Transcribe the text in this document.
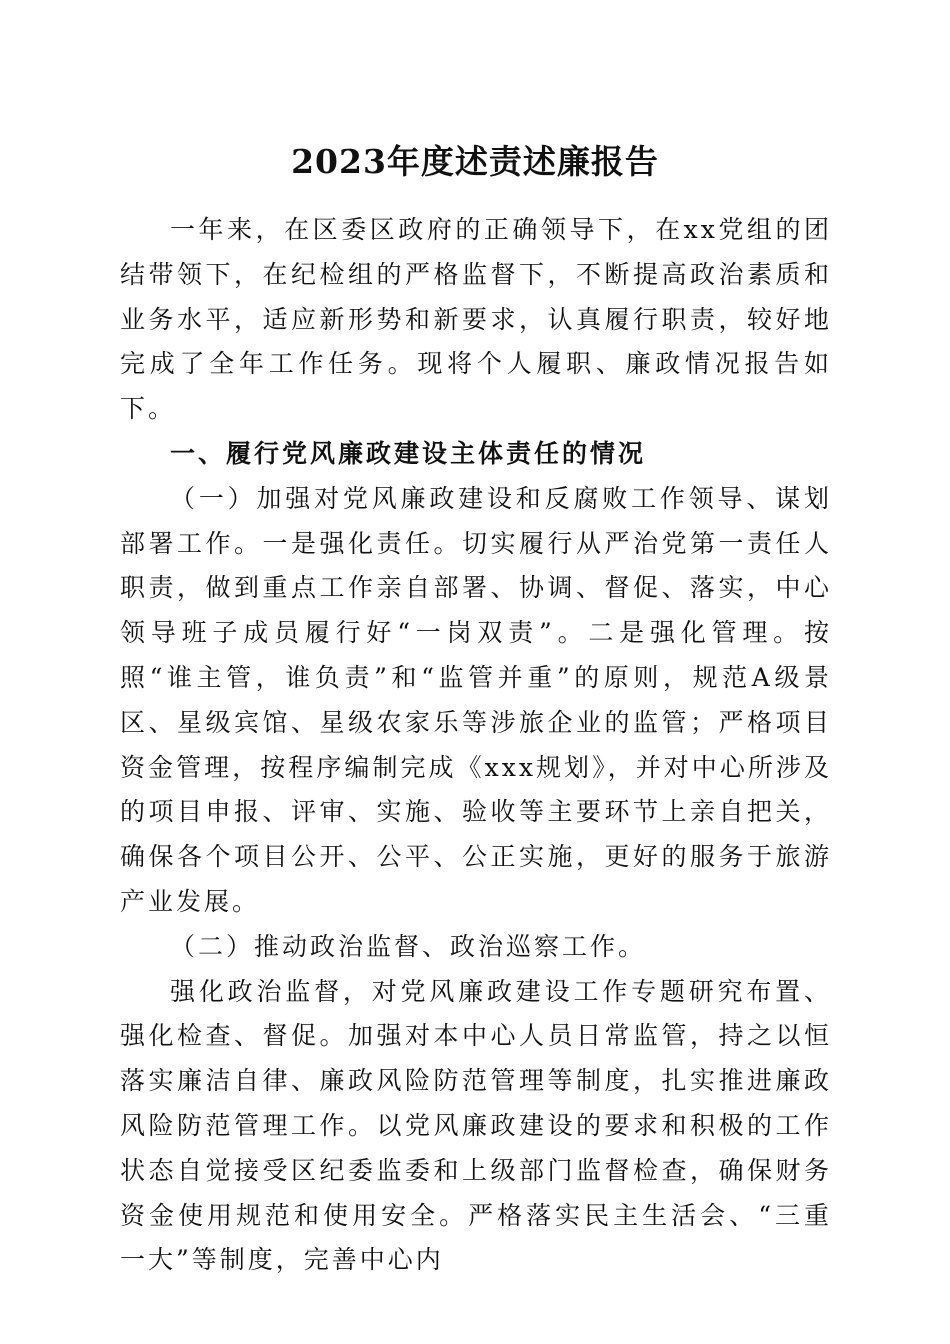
2023年度述责述廉报告

一年来，在区委区政府的正确领导下，在xx党组的团结带领下，在纪检组的严格监督下，不断提高政治素质和业务水平，适应新形势和新要求，认真履行职责，较好地完成了全年工作任务。现将个人履职、廉政情况报告如下。

一、履行党风廉政建设主体责任的情况

（一）加强对党风廉政建设和反腐败工作领导、谋划部署工作。一是强化责任。切实履行从严治党第一责任人职责，做到重点工作亲自部署、协调、督促、落实，中心领导班子成员履行好“一岗双责”。二是强化管理。按照“谁主管，谁负责”和“监管并重”的原则，规范A级景区、星级宾馆、星级农家乐等涉旅企业的监管；严格项目资金管理，按程序编制完成《xxx规划》，并对中心所涉及的项目申报、评审、实施、验收等主要环节上亲自把关，确保各个项目公开、公平、公正实施，更好的服务于旅游产业发展。

（二）推动政治监督、政治巡察工作。

强化政治监督，对党风廉政建设工作专题研究布置、强化检查、督促。加强对本中心人员日常监管，持之以恒落实廉洁自律、廉政风险防范管理等制度，扎实推进廉政风险防范管理工作。以党风廉政建设的要求和积极的工作状态自觉接受区纪委监委和上级部门监督检查，确保财务资金使用规范和使用安全。严格落实民主生活会、“三重一大”等制度，完善中心内
